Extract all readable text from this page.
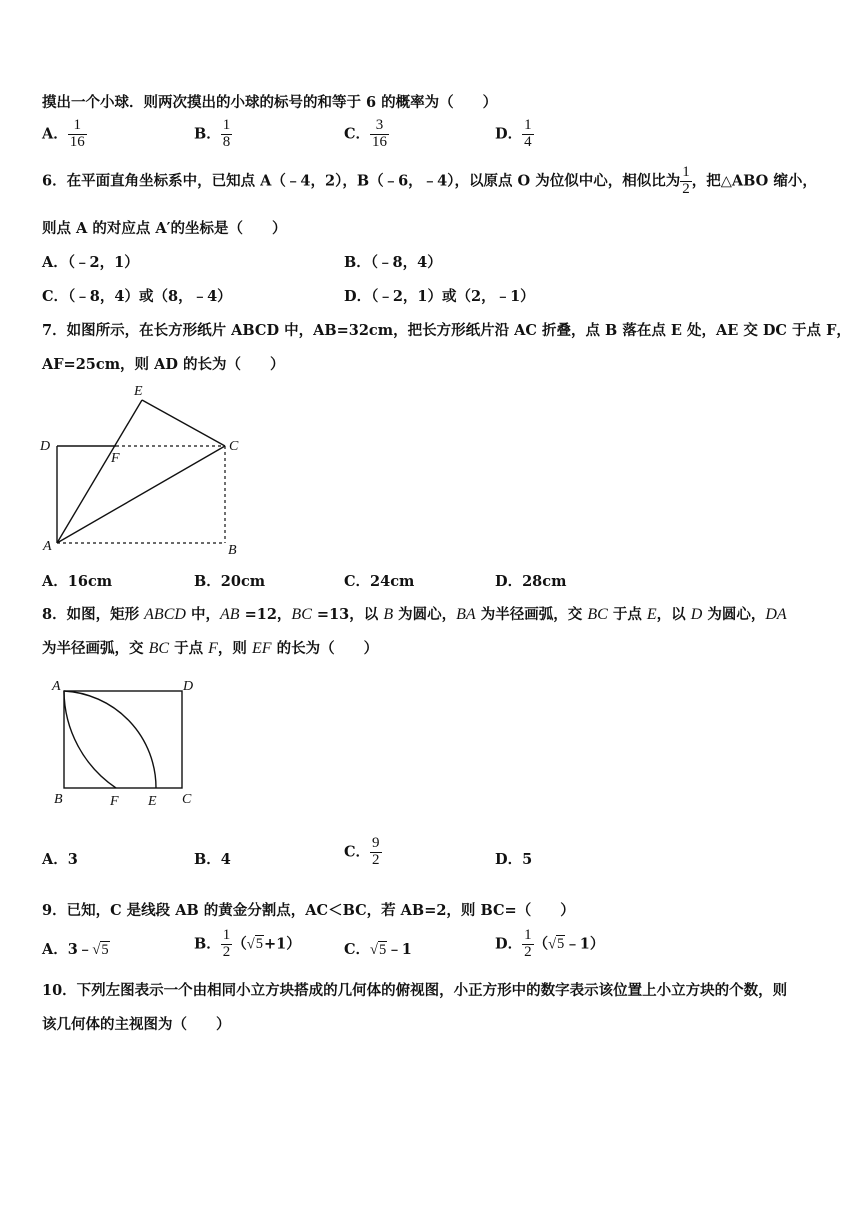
摸出一个小球．则两次摸出的小球的标号的和等于 6 的概率为（　　）
A． $\frac{1}{16}$	B． $\frac{1}{8}$	C． $\frac{3}{16}$	D． $\frac{1}{4}$
6．在平面直角坐标系中，已知点 A（﹣4，2），B（﹣6，﹣4），以原点 O 为位似中心，相似比为 $\frac{1}{2}$ ，把△ABO 缩小，
则点 A 的对应点 A′的坐标是（　　）
A．（﹣2，1）	B．（﹣8，4）
C．（﹣8，4）或（8，﹣4）	D．（﹣2，1）或（2，﹣1）
7．如图所示，在长方形纸片 ABCD 中，AB=32cm，把长方形纸片沿 AC 折叠，点 B 落在点 E 处，AE 交 DC 于点 F，
AF=25cm，则 AD 的长为（　　）
E
D
F
C
A	B
A．16cm	B．20cm	C．24cm	D．28cm
8．如图，矩形 ABCD 中，AB =12，BC =13，以 B 为圆心，BA 为半径画弧，交 BC 于点 E，以 D 为圆心，DA
为半径画弧，交 BC 于点 F，则 EF 的长为（　　）
A	D
B	F E C
A．3	B．4	C． $\frac{9}{2}$	D．5
9．已知，C 是线段 AB 的黄金分割点，AC＜BC，若 AB=2，则 BC=（　　）
A．3﹣√5	B． $\frac{1}{2} (√5+1)$	C．√5﹣1	D． $\frac{1}{2}$ （√5﹣1）
10．下列左图表示一个由相同小立方块搭成的几何体的俯视图，小正方形中的数字表示该位置上小立方块的个数，则
该几何体的主视图为（　　）
